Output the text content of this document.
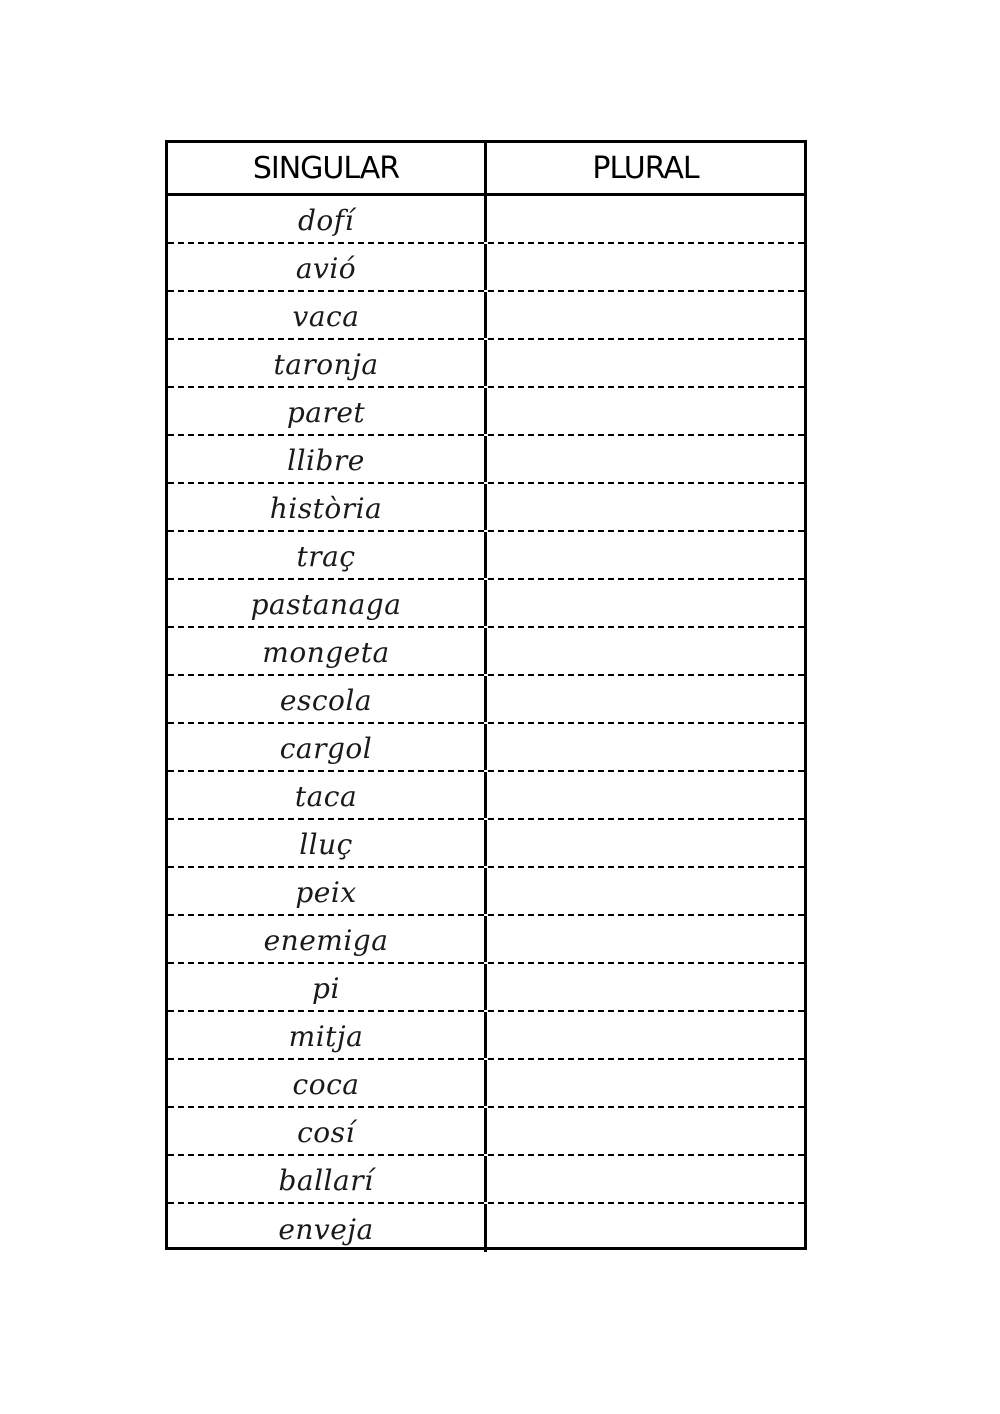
SINGULAR	PLURAL
dofí
avió
vaca
taronja
paret
llibre
història
traç
pastanaga
mongeta
escola
cargol
taca
lluç
peix
enemiga
pi
mitja
coca
cosí
ballarí
enveja
